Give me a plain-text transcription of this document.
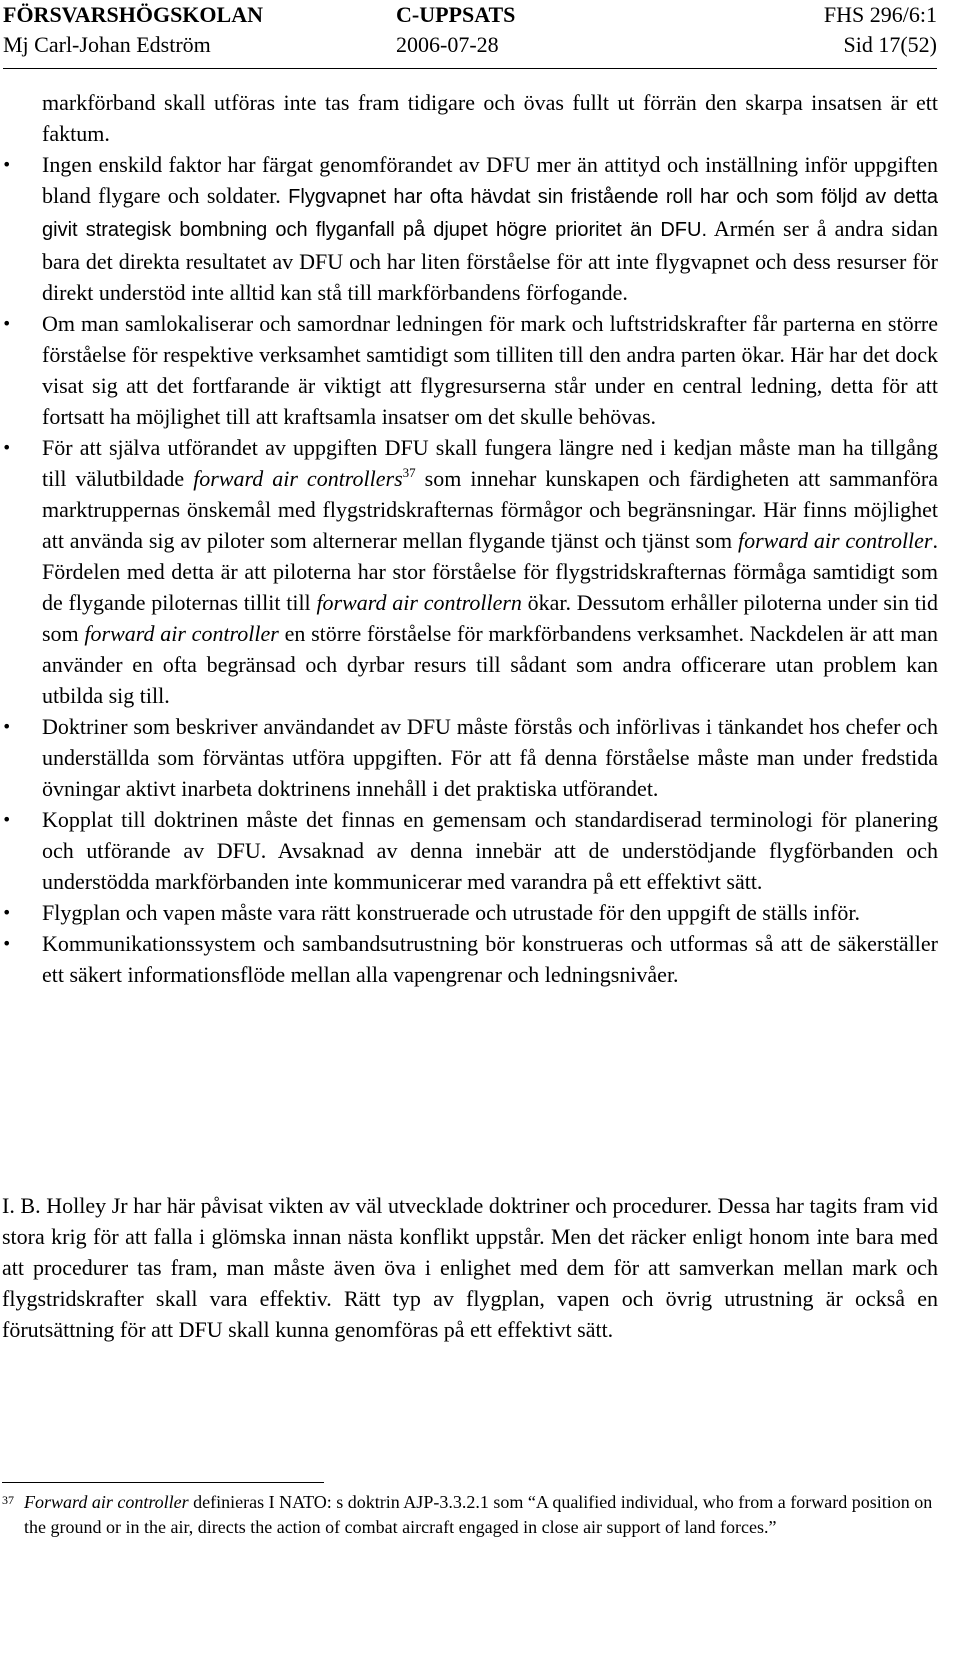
FÖRSVARSHÖGSKOLAN	C-UPPSATS	FHS 296/6:1
Mj Carl-Johan Edström	2006-07-28	Sid 17(52)

markförband skall utföras inte tas fram tidigare och övas fullt ut förrän den skarpa insatsen är ett faktum.

•	Ingen enskild faktor har färgat genomförandet av DFU mer än attityd och inställning inför uppgiften bland flygare och soldater. Flygvapnet har ofta hävdat sin fristående roll har och som följd av detta givit strategisk bombning och flyganfall på djupet högre prioritet än DFU. Armén ser å andra sidan bara det direkta resultatet av DFU och har liten förståelse för att inte flygvapnet och dess resurser för direkt understöd inte alltid kan stå till markförbandens förfogande.

•	Om man samlokaliserar och samordnar ledningen för mark och luftstridskrafter får parterna en större förståelse för respektive verksamhet samtidigt som tilliten till den andra parten ökar. Här har det dock visat sig att det fortfarande är viktigt att flygresurserna står under en central ledning, detta för att fortsatt ha möjlighet till att kraftsamla insatser om det skulle behövas.

•	För att själva utförandet av uppgiften DFU skall fungera längre ned i kedjan måste man ha tillgång till välutbildade forward air controllers$^{37}$ som innehar kunskapen och färdigheten att sammanföra marktruppernas önskemål med flygstridskrafternas förmågor och begränsningar. Här finns möjlighet att använda sig av piloter som alternerar mellan flygande tjänst och tjänst som forward air controller. Fördelen med detta är att piloterna har stor förståelse för flygstridskrafternas förmåga samtidigt som de flygande piloternas tillit till forward air controllern ökar. Dessutom erhåller piloterna under sin tid som forward air controller en större förståelse för markförbandens verksamhet. Nackdelen är att man använder en ofta begränsad och dyrbar resurs till sådant som andra officerare utan problem kan utbilda sig till.

•	Doktriner som beskriver användandet av DFU måste förstås och införlivas i tänkandet hos chefer och underställda som förväntas utföra uppgiften. För att få denna förståelse måste man under fredstida övningar aktivt inarbeta doktrinens innehåll i det praktiska utförandet.

•	Kopplat till doktrinen måste det finnas en gemensam och standardiserad terminologi för planering och utförande av DFU. Avsaknad av denna innebär att de understödjande flygförbanden och understödda markförbanden inte kommunicerar med varandra på ett effektivt sätt.

•	Flygplan och vapen måste vara rätt konstruerade och utrustade för den uppgift de ställs inför.

•	Kommunikationssystem och sambandsutrustning bör konstrueras och utformas så att de säkerställer ett säkert informationsflöde mellan alla vapengrenar och ledningsnivåer.

I. B. Holley Jr har här påvisat vikten av väl utvecklade doktriner och procedurer. Dessa har tagits fram vid stora krig för att falla i glömska innan nästa konflikt uppstår. Men det räcker enligt honom inte bara med att procedurer tas fram, man måste även öva i enlighet med dem för att samverkan mellan mark och flygstridskrafter skall vara effektiv. Rätt typ av flygplan, vapen och övrig utrustning är också en förutsättning för att DFU skall kunna genomföras på ett effektivt sätt.

37 Forward air controller definieras I NATO: s doktrin AJP-3.3.2.1 som “A qualified individual, who from a forward position on the ground or in the air, directs the action of combat aircraft engaged in close air support of land forces.”
